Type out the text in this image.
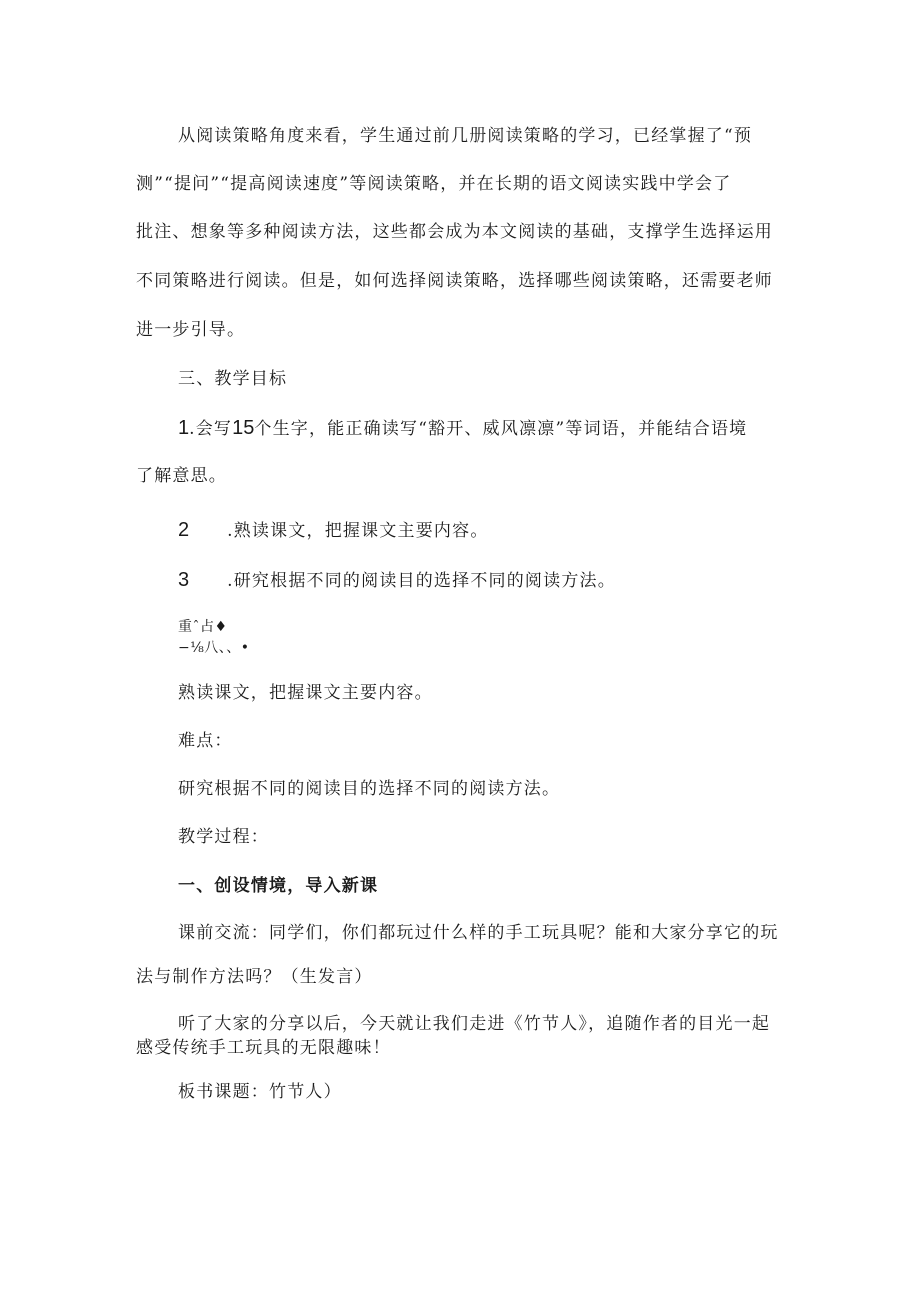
从阅读策略角度来看，学生通过前几册阅读策略的学习，已经掌握了“预
测”“提问”“提高阅读速度”等阅读策略，并在长期的语文阅读实践中学会了
批注、想象等多种阅读方法，这些都会成为本文阅读的基础，支撑学生选择运用
不同策略进行阅读。但是，如何选择阅读策略，选择哪些阅读策略，还需要老师
进一步引导。
三、教学目标
1.会写15个生字，能正确读写“豁开、威风凛凛”等词语，并能结合语境
了解意思。
2 .熟读课文，把握课文主要内容。
3 .研究根据不同的阅读目的选择不同的阅读方法。
重ˆ占♦
−⅛八、、•
熟读课文，把握课文主要内容。
难点：
研究根据不同的阅读目的选择不同的阅读方法。
教学过程：
一、创设情境，导入新课
课前交流：同学们，你们都玩过什么样的手工玩具呢？能和大家分享它的玩
法与制作方法吗？（生发言）
听了大家的分享以后，今天就让我们走进《竹节人》，追随作者的目光一起
感受传统手工玩具的无限趣味！
板书课题：竹节人）
